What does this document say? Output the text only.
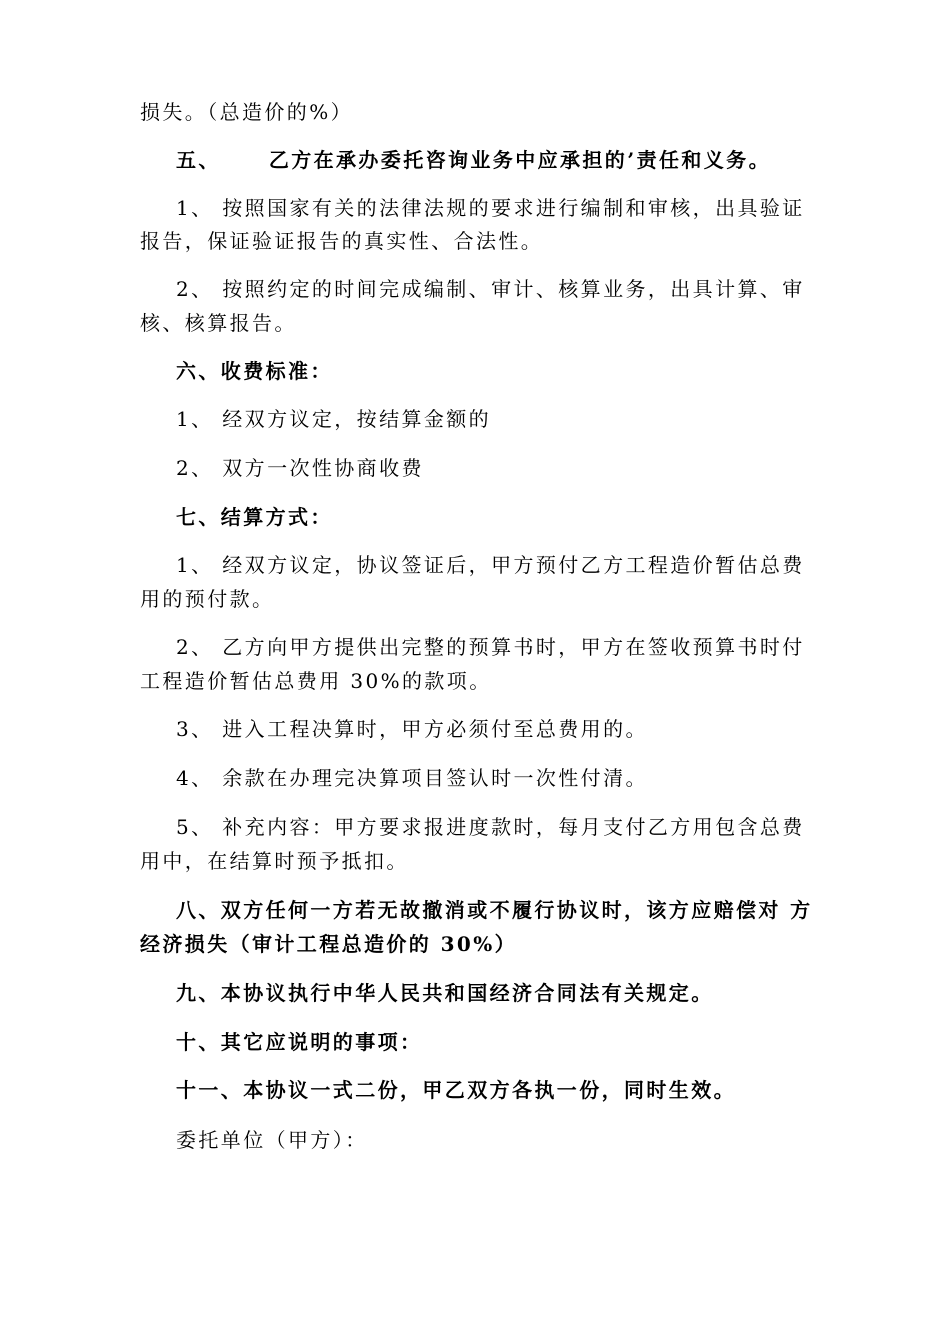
损失。（总造价的%）
五、 乙方在承办委托咨询业务中应承担的’责任和义务。
1、 按照国家有关的法律法规的要求进行编制和审核，出具验证
报告，保证验证报告的真实性、合法性。
2、 按照约定的时间完成编制、审计、核算业务，出具计算、审
核、核算报告。
六、收费标准：
1、 经双方议定，按结算金额的
2、 双方一次性协商收费
七、结算方式：
1、 经双方议定，协议签证后，甲方预付乙方工程造价暂估总费
用的预付款。
2、 乙方向甲方提供出完整的预算书时，甲方在签收预算书时付
工程造价暂估总费用 30%的款项。
3、 进入工程决算时，甲方必须付至总费用的。
4、 余款在办理完决算项目签认时一次性付清。
5、 补充内容：甲方要求报进度款时，每月支付乙方用包含总费
用中，在结算时预予抵扣。
八、双方任何一方若无故撤消或不履行协议时，该方应赔偿对 方
经济损失（审计工程总造价的 30%）
九、本协议执行中华人民共和国经济合同法有关规定。
十、其它应说明的事项：
十一、本协议一式二份，甲乙双方各执一份，同时生效。
委托单位（甲方）：
